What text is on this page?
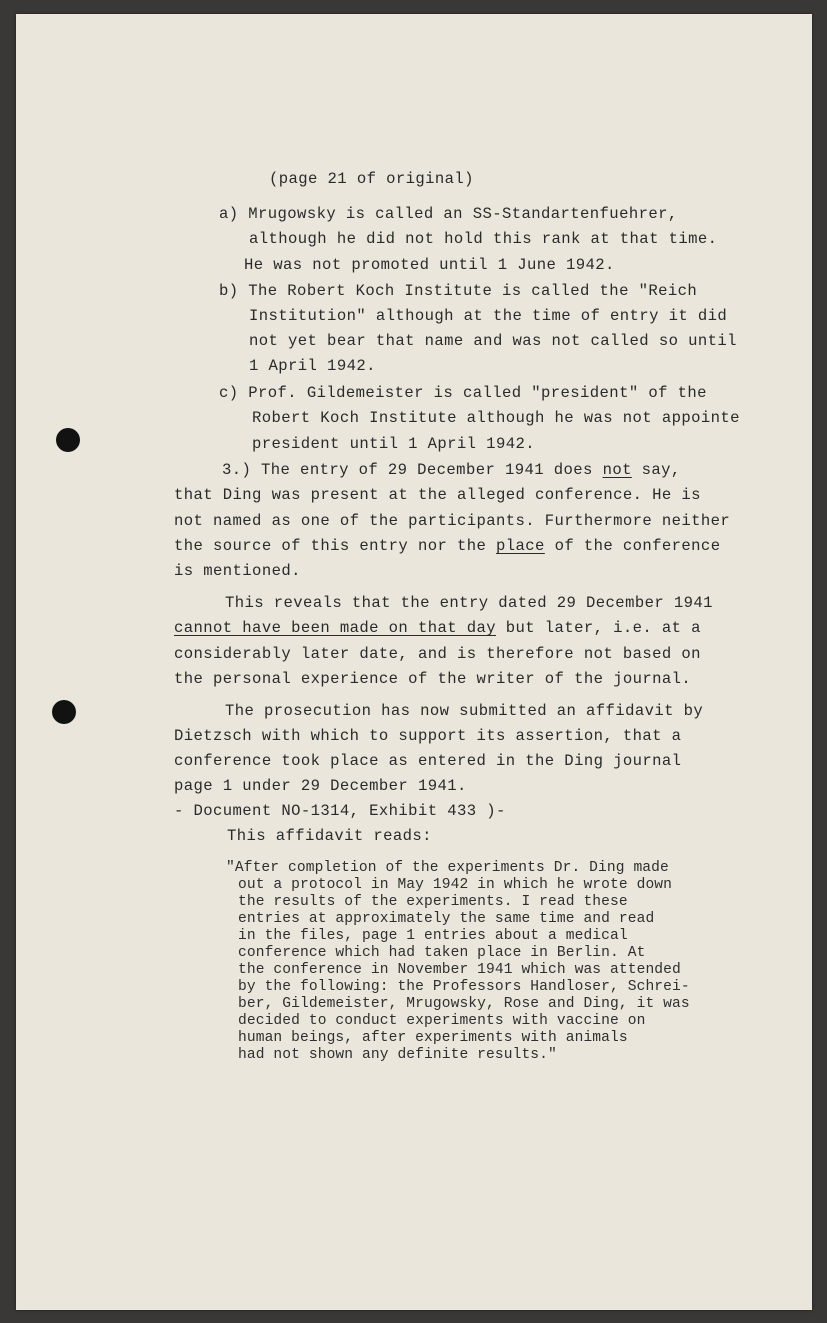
(page 21 of original)
a) Mrugowsky is called an SS-Standartenfuehrer,
although he did not hold this rank at that time.
He was not promoted until 1 June 1942.
b) The Robert Koch Institute is called the "Reich
Institution" although at the time of entry it did
not yet bear that name and was not called so until
1 April 1942.
c) Prof. Gildemeister is called "president" of the
Robert Koch Institute although he was not appointe
president until 1 April 1942.
3.) The entry of 29 December 1941 does not say,
that Ding was present at the alleged conference. He is
not named as one of the participants. Furthermore neither
the source of this entry nor the place of the conference
is mentioned.
This reveals that the entry dated 29 December 1941
cannot have been made on that day but later, i.e. at a
considerably later date, and is therefore not based on
the personal experience of the writer of the journal.
The prosecution has now submitted an affidavit by
Dietzsch with which to support its assertion, that a
conference took place as entered in the Ding journal
page 1 under 29 December 1941.
- Document NO-1314, Exhibit 433 )-
This affidavit reads:
"After completion of the experiments Dr. Ding made
out a protocol in May 1942 in which he wrote down
the results of the experiments. I read these
entries at approximately the same time and read
in the files, page 1 entries about a medical
conference which had taken place in Berlin. At
the conference in November 1941 which was attended
by the following: the Professors Handloser, Schrei-
ber, Gildemeister, Mrugowsky, Rose and Ding, it was
decided to conduct experiments with vaccine on
human beings, after experiments with animals
had not shown any definite results."
